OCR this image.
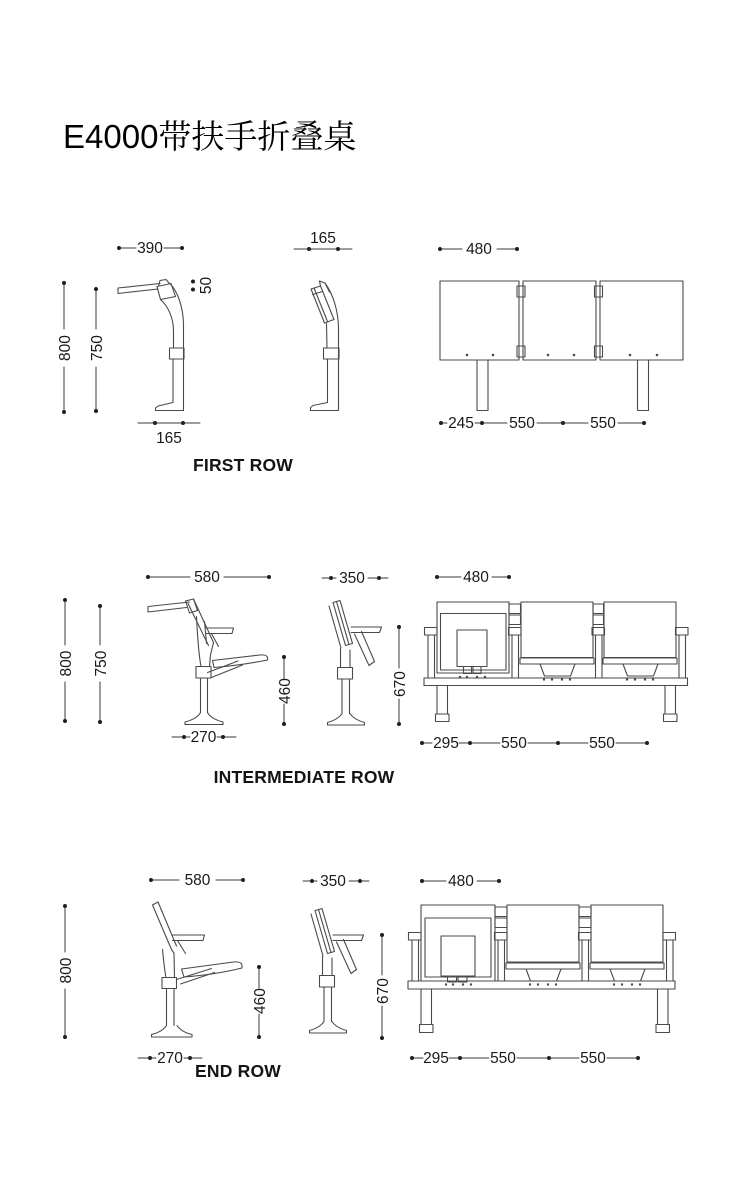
E4000带扶手折叠桌
390
800 750
50
165
165
480
245 550	550
FIRST ROW
580
800 750
460
270
350
670
480
295	550	550
INTERMEDIATE ROW
580
800
460
270
350
670
480
295	550	550
END ROW
